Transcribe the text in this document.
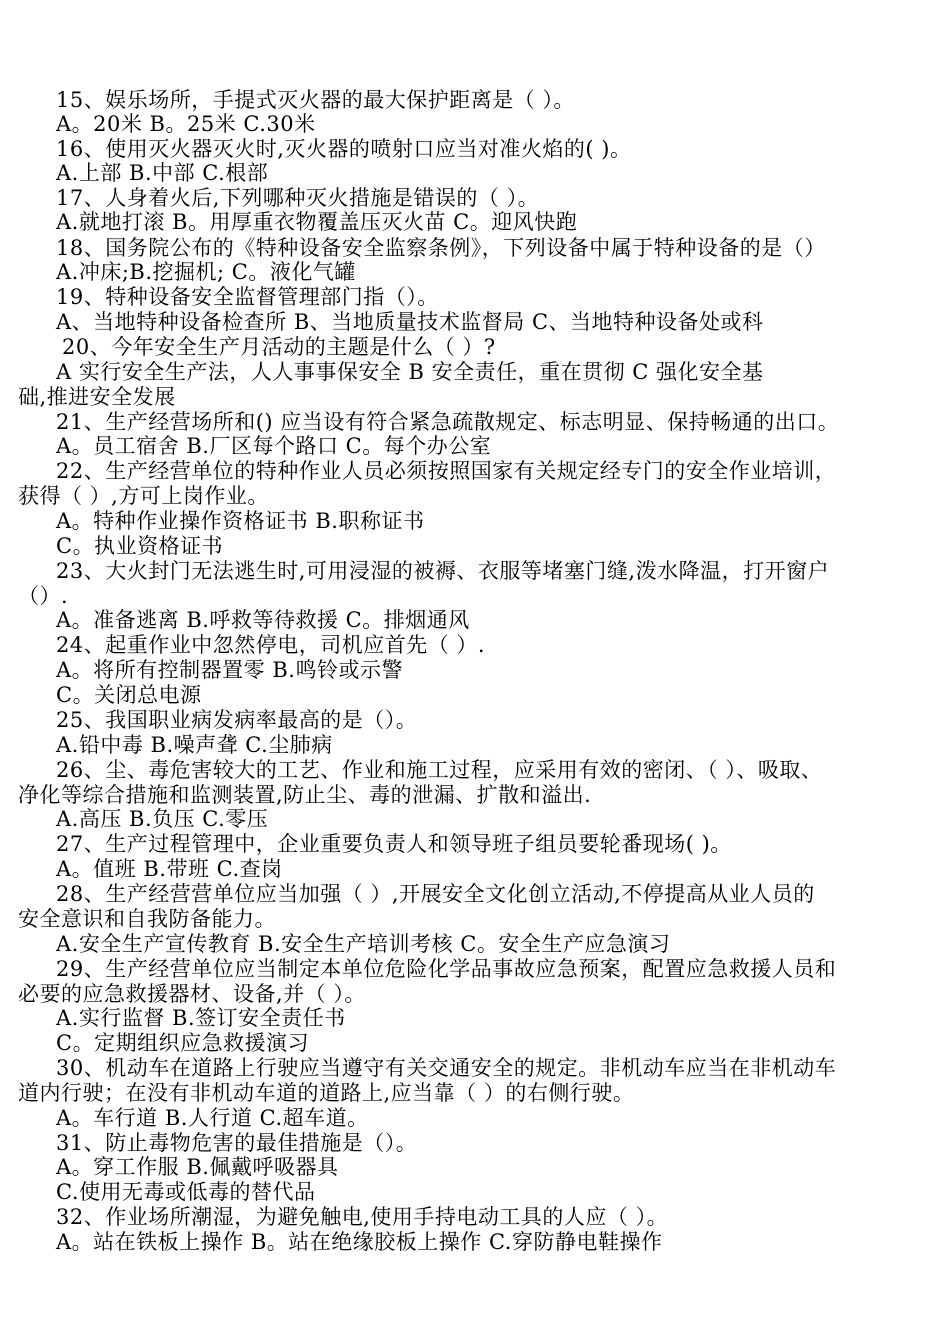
15、娱乐场所，手提式灭火器的最大保护距离是（ ）。
A。20米 B。25米 C.30米
16、使用灭火器灭火时,灭火器的喷射口应当对准火焰的( )。
A.上部 B.中部 C.根部
17、人身着火后,下列哪种灭火措施是错误的（ ）。
A.就地打滚 B。用厚重衣物覆盖压灭火苗 C。迎风快跑
18、国务院公布的《特种设备安全监察条例》，下列设备中属于特种设备的是（）
A.冲床;B.挖掘机; C。液化气罐
19、特种设备安全监督管理部门指（）。
A、当地特种设备检查所 B、当地质量技术监督局 C、当地特种设备处或科
20、今年安全生产月活动的主题是什么（ ）?
A 实行安全生产法，人人事事保安全 B 安全责任，重在贯彻 C 强化安全基
础,推进安全发展
21、生产经营场所和() 应当设有符合紧急疏散规定、标志明显、保持畅通的出口。
A。员工宿舍 B.厂区每个路口 C。每个办公室
22、生产经营单位的特种作业人员必须按照国家有关规定经专门的安全作业培训，
获得（ ）,方可上岗作业。
A。特种作业操作资格证书 B.职称证书
C。执业资格证书
23、大火封门无法逃生时,可用浸湿的被褥、衣服等堵塞门缝,泼水降温，打开窗户
（）.
A。准备逃离 B.呼救等待救援 C。排烟通风
24、起重作业中忽然停电，司机应首先（ ）.
A。将所有控制器置零 B.鸣铃或示警
C。关闭总电源
25、我国职业病发病率最高的是（）。
A.铅中毒 B.噪声聋 C.尘肺病
26、尘、毒危害较大的工艺、作业和施工过程，应采用有效的密闭、（ ）、吸取、
净化等综合措施和监测装置,防止尘、毒的泄漏、扩散和溢出.
A.高压 B.负压 C.零压
27、生产过程管理中，企业重要负责人和领导班子组员要轮番现场( )。
A。值班 B.带班 C.查岗
28、生产经营营单位应当加强（ ）,开展安全文化创立活动,不停提高从业人员的
安全意识和自我防备能力。
A.安全生产宣传教育 B.安全生产培训考核 C。安全生产应急演习
29、生产经营单位应当制定本单位危险化学品事故应急预案，配置应急救援人员和
必要的应急救援器材、设备,并（ ）。
A.实行监督 B.签订安全责任书
C。定期组织应急救援演习
30、机动车在道路上行驶应当遵守有关交通安全的规定。非机动车应当在非机动车
道内行驶；在没有非机动车道的道路上,应当靠（ ）的右侧行驶。
A。车行道 B.人行道 C.超车道。
31、防止毒物危害的最佳措施是（）。
A。穿工作服 B.佩戴呼吸器具
C.使用无毒或低毒的替代品
32、作业场所潮湿，为避免触电,使用手持电动工具的人应（ ）。
A。站在铁板上操作 B。站在绝缘胶板上操作 C.穿防静电鞋操作
